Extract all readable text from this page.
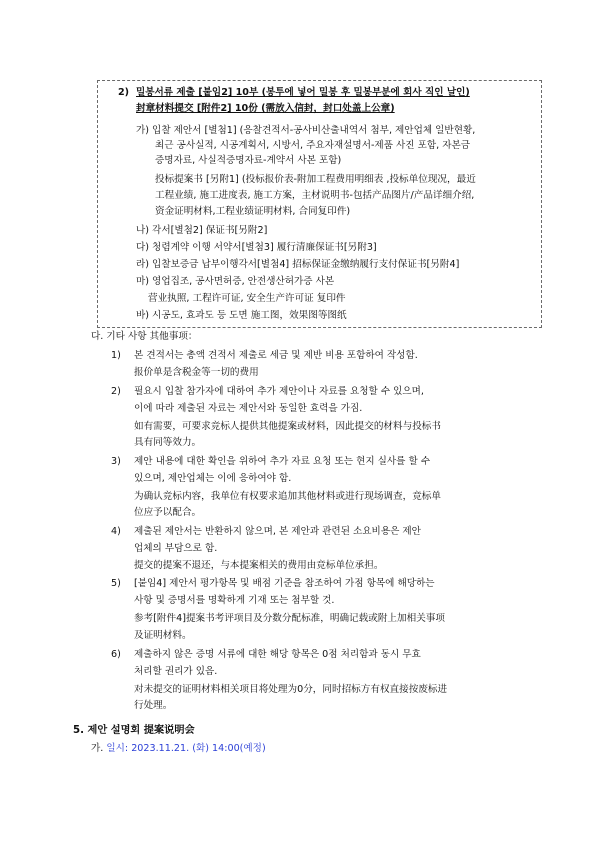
2) 밀봉서류 제출 [붙임2] 10부 (봉투에 넣어 밀봉 후 밀봉부분에 회사 직인 날인)
封章材料提交 [附件2] 10份 (需放入信封，封口处盖上公章)
가) 입찰 제안서 [별첨1] (응찰견적서-공사비산출내역서 첨부, 제안업체 일반현황,
최근 공사실적, 시공계획서, 시방서, 주요자재설명서-제품 사진 포함, 자본금
증명자료, 사실적증명자료-계약서 사본 포함)
投标提案书 [另附1] (投标报价表-附加工程费用明细表 ,投标单位现况，最近
工程业绩, 施工进度表, 施工方案，主材说明书-包括产品图片/产品详细介绍,
资金证明材料,工程业绩证明材料, 合同复印件)
나) 각서[별첨2] 保证书[另附2]
다) 청렴계약 이행 서약서[별첨3] 履行清廉保证书[另附3]
라) 입찰보증금 납부이행각서[별첨4] 招标保证金缴纳履行支付保证书[另附4]
마) 영업집조, 공사면허증, 안전생산허가증 사본
营业执照, 工程许可证, 安全生产许可证 复印件
바) 시공도, 효과도 등 도면 施工图，效果图等图纸
다. 기타 사항 其他事项：
1) 본 견적서는 총액 견적서 제출로 세금 및 제반 비용 포함하여 작성함.
报价单是含税金等一切的费用
2) 필요시 입찰 참가자에 대하여 추가 제안이나 자료를 요청할 수 있으며,
이에 따라 제출된 자료는 제안서와 동일한 효력을 가짐.
如有需要，可要求竞标人提供其他提案或材料，因此提交的材料与投标书
具有同等效力。
3) 제안 내용에 대한 확인을 위하여 추가 자료 요청 또는 현지 실사를 할 수
있으며, 제안업체는 이에 응하여야 함.
为确认竞标内容，我单位有权要求追加其他材料或进行现场调查，竞标单
位应予以配合。
4) 제출된 제안서는 반환하지 않으며, 본 제안과 관련된 소요비용은 제안
업체의 부담으로 함.
提交的提案不退还，与本提案相关的费用由竞标单位承担。
5) [붙임4] 제안서 평가항목 및 배점 기준을 참조하여 가점 항목에 해당하는
사항 및 증명서를 명확하게 기재 또는 첨부할 것.
参考[附件4]提案书考评项目及分数分配标准，明确记载或附上加相关事项
及证明材料。
6) 제출하지 않은 증명 서류에 대한 해당 항목은 0점 처리함과 동시 무효
처리할 권리가 있음.
对未提交的证明材料相关项目将处理为0分，同时招标方有权直接按废标进
行处理。
5. 제안 설명회 提案说明会
가. 일시: 2023.11.21. (화) 14:00(예정)
